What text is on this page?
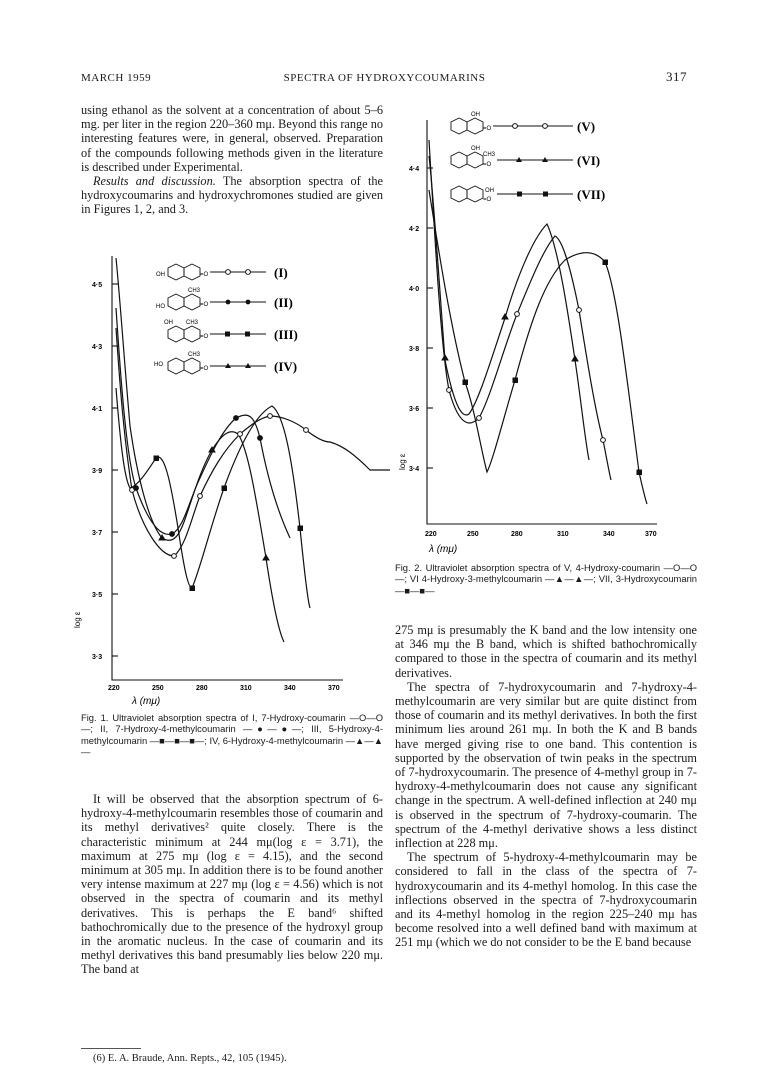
MARCH 1959	SPECTRA OF HYDROXYCOUMARINS	317

using ethanol as the solvent at a concentration of about 5–6 mg. per liter in the region 220–360 mμ. Beyond this range no interesting features were, in general, observed. Preparation of the compounds following methods given in the literature is described under Experimental.

Results and discussion. The absorption spectra of the hydroxycoumarins and hydroxychromones studied are given in Figures 1, 2, and 3.

4·5
4·3
4·1
3·9
3·7
3·5
3·3
log ε
220	250	280	310	340	370
λ (mμ)
OH	=O	(I)
CH3
HO	=O	(II)
OH CH3
=O	(III)
CH3
HO
=O	(IV)
Fig. 1. Ultraviolet absorption spectra of I, 7-Hydroxy-coumarin —O—O—; II, 7-Hydroxy-4-methylcoumarin —●—●—; III, 5-Hydroxy-4-methylcoumarin —■—■—■—; IV, 6-Hydroxy-4-methylcoumarin —▲—▲—
4·4
4·2
4·0
3·8
3·6
3·4
log ε
220	250	280	310	340	370
λ (mμ)
OH
=O	(V)
OH
CH3
=O	(VI)
OH
=O	(VII)
Fig. 2. Ultraviolet absorption spectra of V, 4-Hydroxy-coumarin —O—O—; VI 4-Hydroxy-3-methylcoumarin —▲—▲—; VII, 3-Hydroxycoumarin —■—■—

It will be observed that the absorption spectrum of 6-hydroxy-4-methylcoumarin resembles those of coumarin and its methyl derivatives² quite closely. There is the characteristic minimum at 244 mμ(log ε = 3.71), the maximum at 275 mμ (log ε = 4.15), and the second minimum at 305 mμ. In addition there is to be found another very intense maximum at 227 mμ (log ε = 4.56) which is not observed in the spectra of coumarin and its methyl derivatives. This is perhaps the E band⁶ shifted bathochromically due to the presence of the hydroxyl group in the aromatic nucleus. In the case of coumarin and its methyl derivatives this band presumably lies below 220 mμ. The band at

(6) E. A. Braude, Ann. Repts., 42, 105 (1945).

275 mμ is presumably the K band and the low intensity one at 346 mμ the B band, which is shifted bathochromically compared to those in the spectra of coumarin and its methyl derivatives.

The spectra of 7-hydroxycoumarin and 7-hydroxy-4-methylcoumarin are very similar but are quite distinct from those of coumarin and its methyl derivatives. In both the first minimum lies around 261 mμ. In both the K and B bands have merged giving rise to one band. This contention is supported by the observation of twin peaks in the spectrum of 7-hydroxycoumarin. The presence of 4-methyl group in 7-hydroxy-4-methylcoumarin does not cause any significant change in the spectrum. A well-defined inflection at 240 mμ is observed in the spectrum of 7-hydroxy-coumarin. The spectrum of the 4-methyl derivative shows a less distinct inflection at 228 mμ.

The spectrum of 5-hydroxy-4-methylcoumarin may be considered to fall in the class of the spectra of 7-hydroxycoumarin and its 4-methyl homolog. In this case the inflections observed in the spectra of 7-hydroxycoumarin and its 4-methyl homolog in the region 225–240 mμ has become resolved into a well defined band with maximum at 251 mμ (which we do not consider to be the E band because
